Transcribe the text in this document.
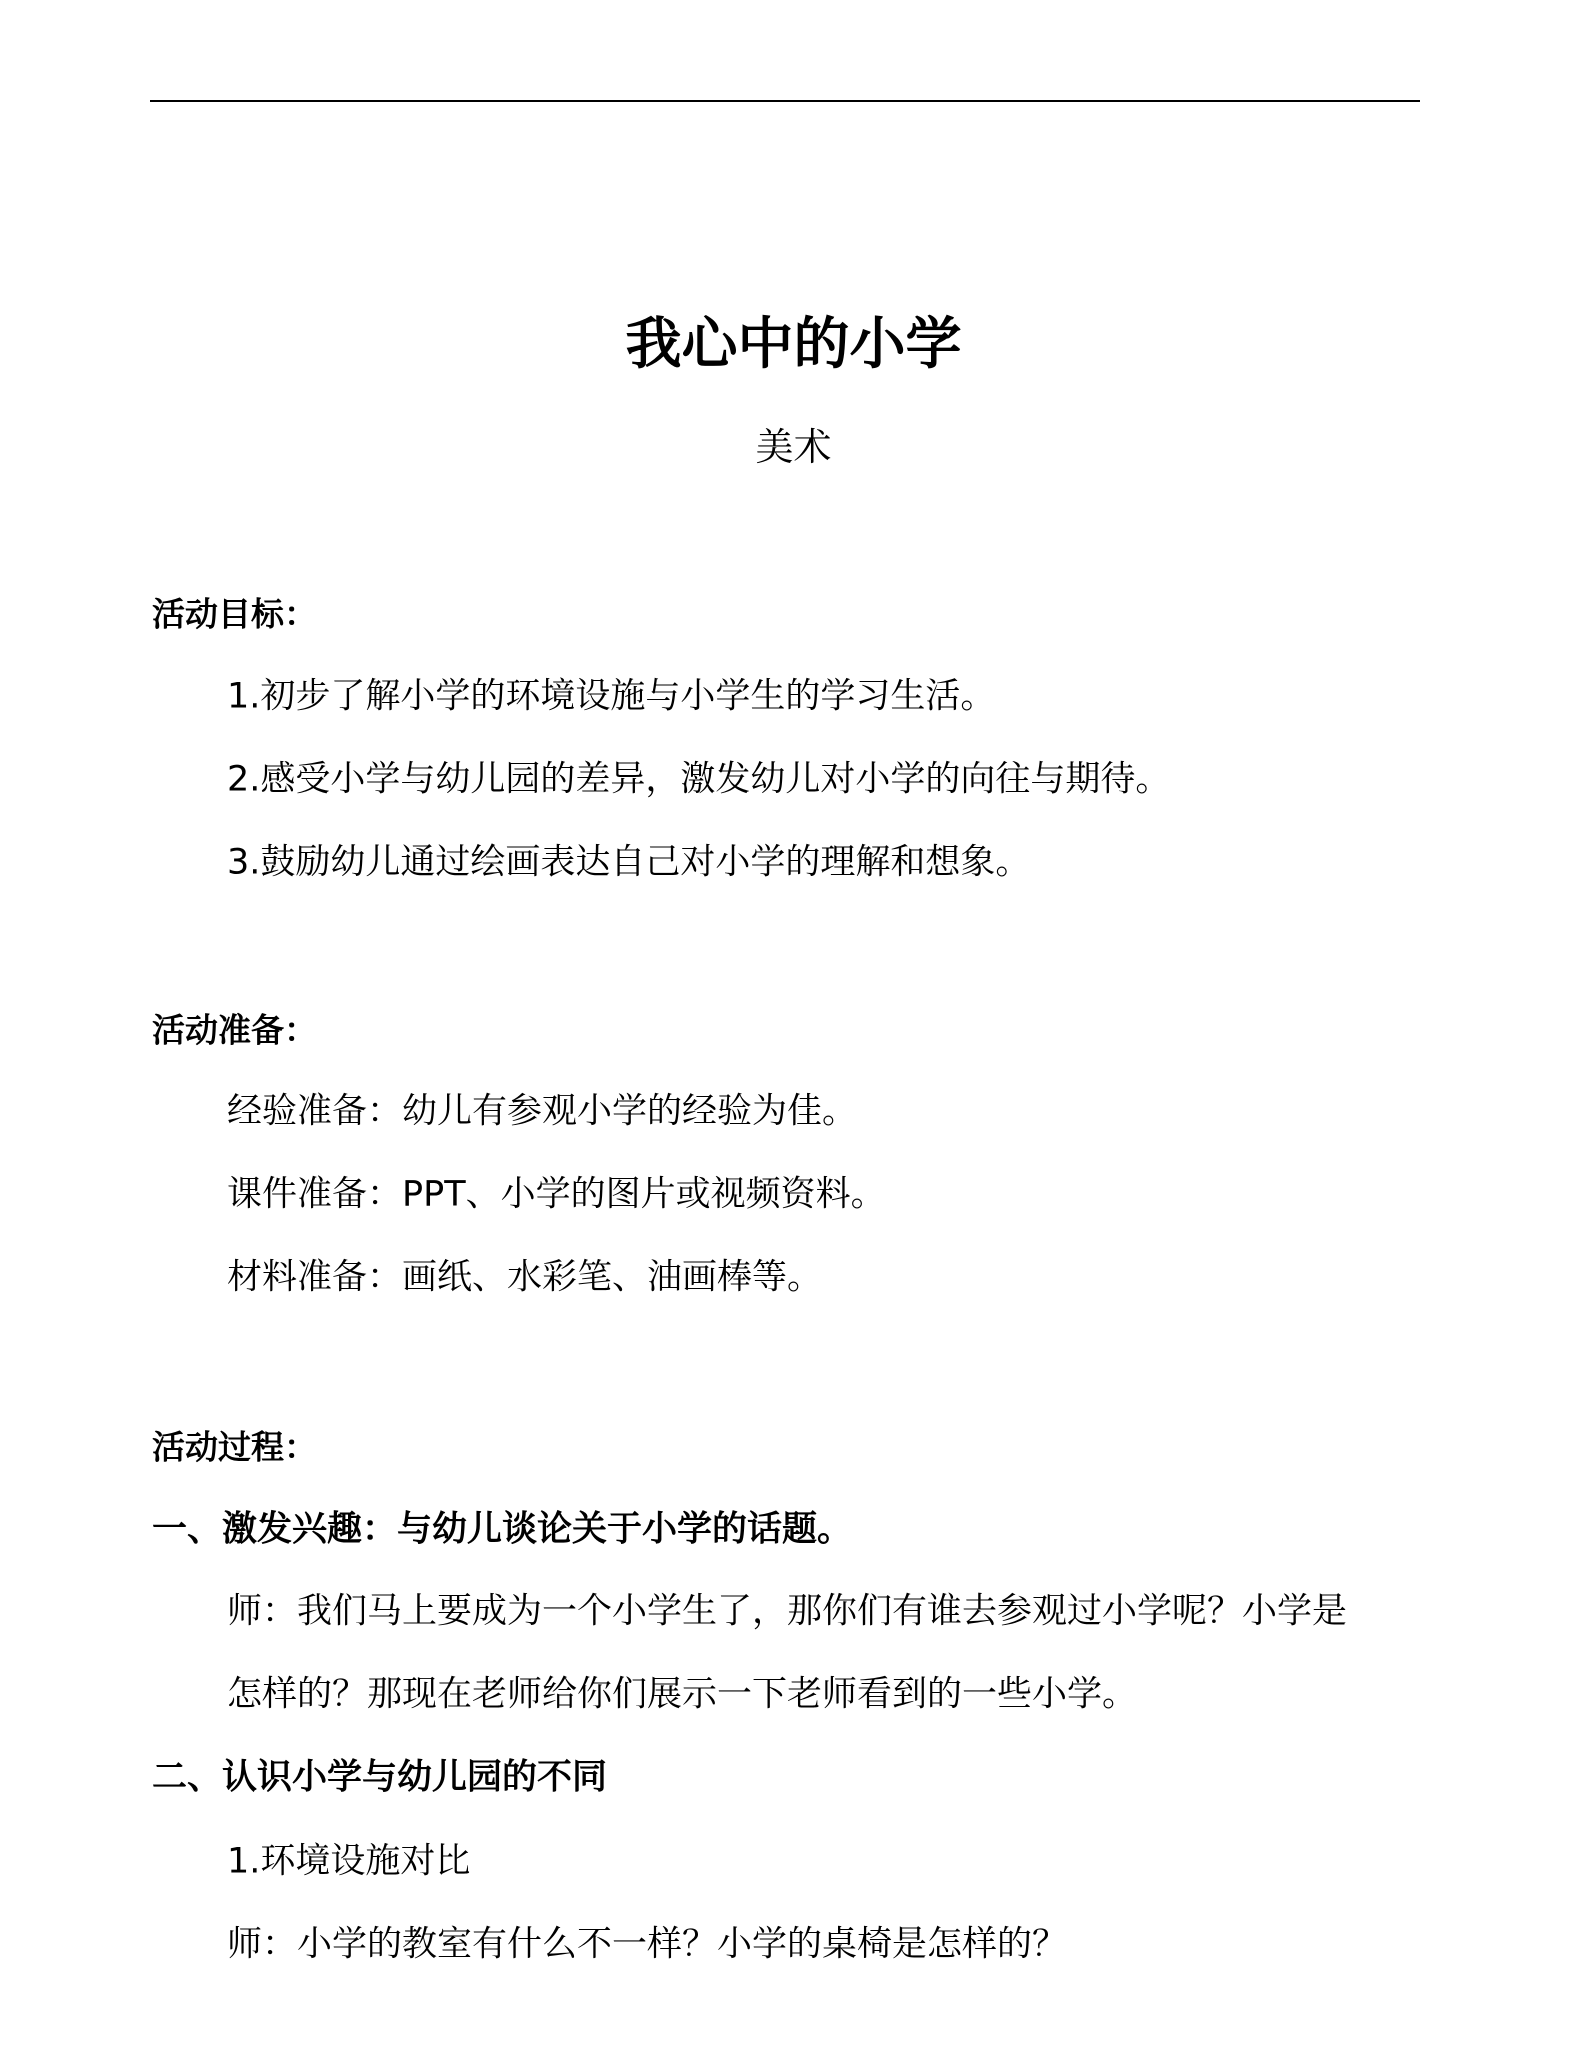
我心中的小学
美术
活动目标：
1.初步了解小学的环境设施与小学生的学习生活。
2.感受小学与幼儿园的差异，激发幼儿对小学的向往与期待。
3.鼓励幼儿通过绘画表达自己对小学的理解和想象。
活动准备：
经验准备：幼儿有参观小学的经验为佳。
课件准备：PPT、小学的图片或视频资料。
材料准备：画纸、水彩笔、油画棒等。
活动过程：
一、激发兴趣：与幼儿谈论关于小学的话题。
师：我们马上要成为一个小学生了，那你们有谁去参观过小学呢？小学是
怎样的？那现在老师给你们展示一下老师看到的一些小学。
二、认识小学与幼儿园的不同
1.环境设施对比
师：小学的教室有什么不一样？小学的桌椅是怎样的？
